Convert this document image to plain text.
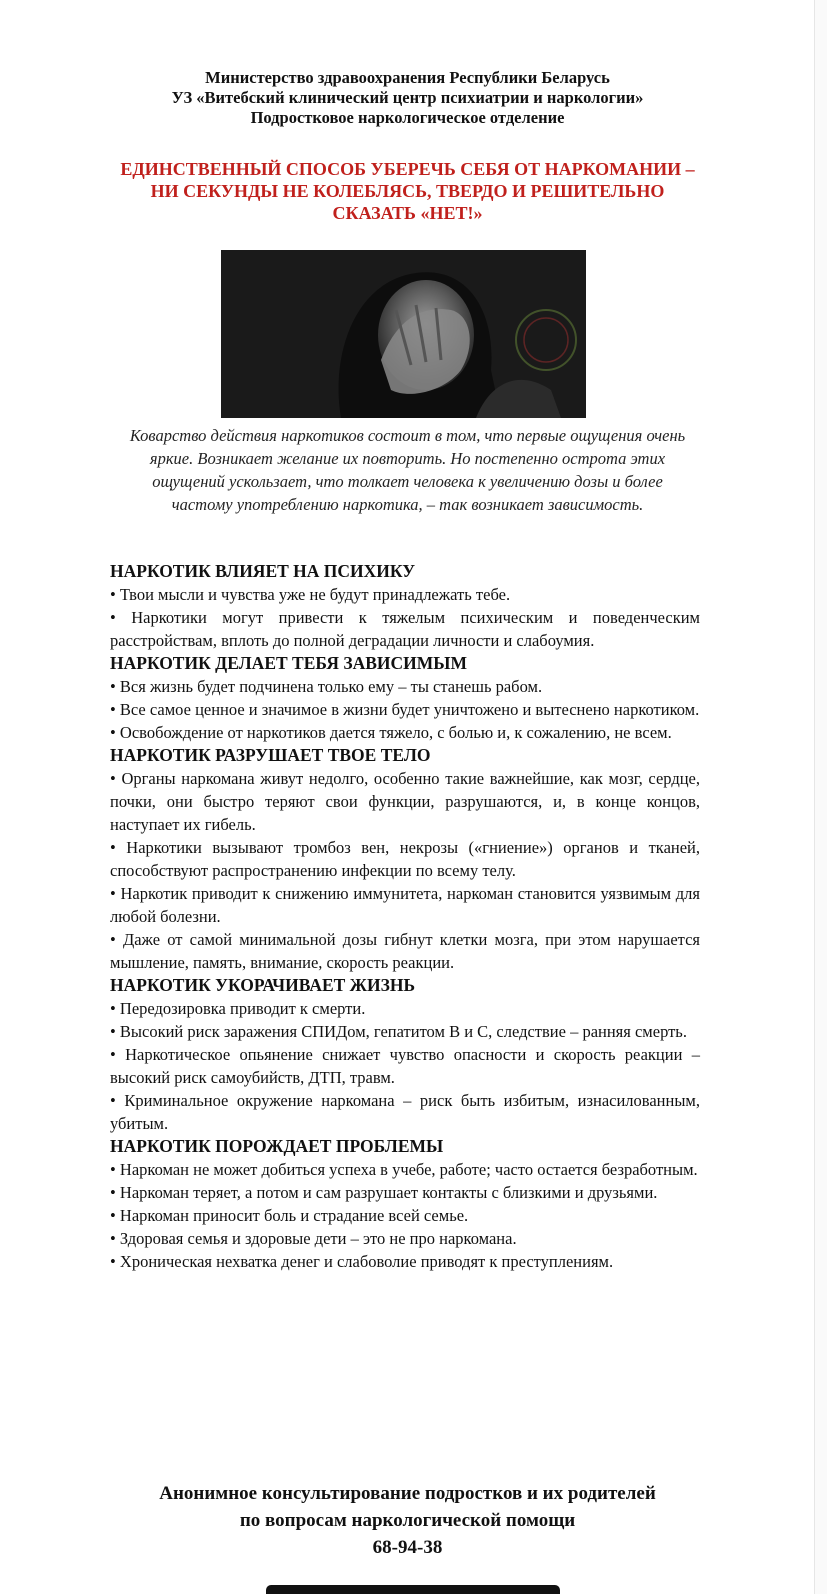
Министерство здравоохранения Республики Беларусь
УЗ «Витебский клинический центр психиатрии и наркологии»
Подростковое наркологическое отделение
ЕДИНСТВЕННЫЙ СПОСОБ УБЕРЕЧЬ СЕБЯ ОТ НАРКОМАНИИ – НИ СЕКУНДЫ НЕ КОЛЕБЛЯСЬ, ТВЕРДО И РЕШИТЕЛЬНО СКАЗАТЬ «НЕТ!»
Коварство действия наркотиков состоит в том, что первые ощущения очень яркие. Возникает желание их повторить. Но постепенно острота этих ощущений ускользает, что толкает человека к увеличению дозы и более частому употреблению наркотика, – так возникает зависимость.
НАРКОТИК ВЛИЯЕТ НА ПСИХИКУ
• Твои мысли и чувства уже не будут принадлежать тебе.
• Наркотики могут привести к тяжелым психическим и поведенческим расстройствам, вплоть до полной деградации личности и слабоумия.
НАРКОТИК ДЕЛАЕТ ТЕБЯ ЗАВИСИМЫМ
• Вся жизнь будет подчинена только ему – ты станешь рабом.
• Все самое ценное и значимое в жизни будет уничтожено и вытеснено наркотиком.
• Освобождение от наркотиков дается тяжело, с болью и, к сожалению, не всем.
НАРКОТИК РАЗРУШАЕТ ТВОЕ ТЕЛО
• Органы наркомана живут недолго, особенно такие важнейшие, как мозг, сердце, почки, они быстро теряют свои функции, разрушаются, и, в конце концов, наступает их гибель.
• Наркотики вызывают тромбоз вен, некрозы («гниение») органов и тканей, способствуют распространению инфекции по всему телу.
• Наркотик приводит к снижению иммунитета, наркоман становится уязвимым для любой болезни.
• Даже от самой минимальной дозы гибнут клетки мозга, при этом нарушается мышление, память, внимание, скорость реакции.
НАРКОТИК УКОРАЧИВАЕТ ЖИЗНЬ
• Передозировка приводит к смерти.
• Высокий риск заражения СПИДом, гепатитом В и С, следствие – ранняя смерть.
• Наркотическое опьянение снижает чувство опасности и скорость реакции – высокий риск самоубийств, ДТП, травм.
• Криминальное окружение наркомана – риск быть избитым, изнасилованным, убитым.
НАРКОТИК ПОРОЖДАЕТ ПРОБЛЕМЫ
• Наркоман не может добиться успеха в учебе, работе; часто остается безработным.
• Наркоман теряет, а потом и сам разрушает контакты с близкими и друзьями.
• Наркоман приносит боль и страдание всей семье.
• Здоровая семья и здоровые дети – это не про наркомана.
• Хроническая нехватка денег и слабоволие приводят к преступлениям.
Анонимное консультирование подростков и их родителей
по вопросам наркологической помощи
68-94-38
